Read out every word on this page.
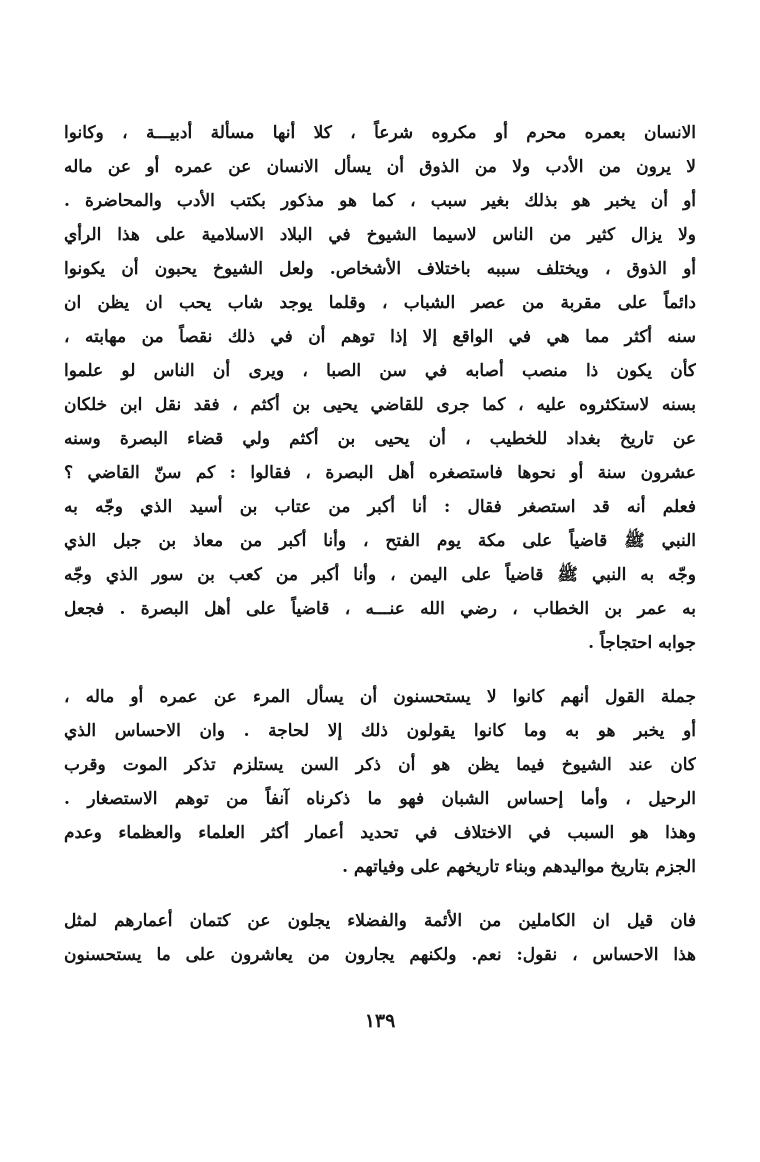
الانسان بعمره محرم أو مكروه شرعاً ، كلا أنها مسألة أدبيـــة ، وكانوا
لا يرون من الأدب ولا من الذوق أن يسأل الانسان عن عمره أو عن ماله
أو أن يخبر هو بذلك بغير سبب ، كما هو مذكور بكتب الأدب والمحاضرة .
ولا يزال كثير من الناس لاسيما الشيوخ في البلاد الاسلامية على هذا الرأي
أو الذوق ، ويختلف سببه باختلاف الأشخاص. ولعل الشيوخ يحبون أن يكونوا
دائماً على مقربة من عصر الشباب ، وقلما يوجد شاب يحب ان يظن ان
سنه أكثر مما هي في الواقع إلا إذا توهم أن في ذلك نقصاً من مهابته ،
كأن يكون ذا منصب أصابه في سن الصبا ، ويرى أن الناس لو علموا
بسنه لاستكثروه عليه ، كما جرى للقاضي يحيى بن أكثم ، فقد نقل ابن خلكان
عن تاريخ بغداد للخطيب ، أن يحيى بن أكثم ولي قضاء البصرة وسنه
عشرون سنة أو نحوها فاستصغره أهل البصرة ، فقالوا : كم سنّ القاضي ؟
فعلم أنه قد استصغر فقال : أنا أكبر من عتاب بن أسيد الذي وجّه به
النبي ﷺ قاضياً على مكة يوم الفتح ، وأنا أكبر من معاذ بن جبل الذي
وجّه به النبي ﷺ قاضياً على اليمن ، وأنا أكبر من كعب بن سور الذي وجّه
به عمر بن الخطاب ، رضي الله عنـــه ، قاضياً على أهل البصرة . فجعل
جوابه احتجاجاً .
جملة القول أنهم كانوا لا يستحسنون أن يسأل المرء عن عمره أو ماله ،
أو يخبر هو به وما كانوا يقولون ذلك إلا لحاجة . وان الاحساس الذي
كان عند الشيوخ فيما يظن هو أن ذكر السن يستلزم تذكر الموت وقرب
الرحيل ، وأما إحساس الشبان فهو ما ذكرناه آنفاً من توهم الاستصغار .
وهذا هو السبب في الاختلاف في تحديد أعمار أكثر العلماء والعظماء وعدم
الجزم بتاريخ مواليدهم وبناء تاريخهم على وفياتهم .
فان قيل ان الكاملين من الأئمة والفضلاء يجلون عن كتمان أعمارهم لمثل
هذا الاحساس ، نقول: نعم. ولكنهم يجارون من يعاشرون على ما يستحسنون
١٣٩
